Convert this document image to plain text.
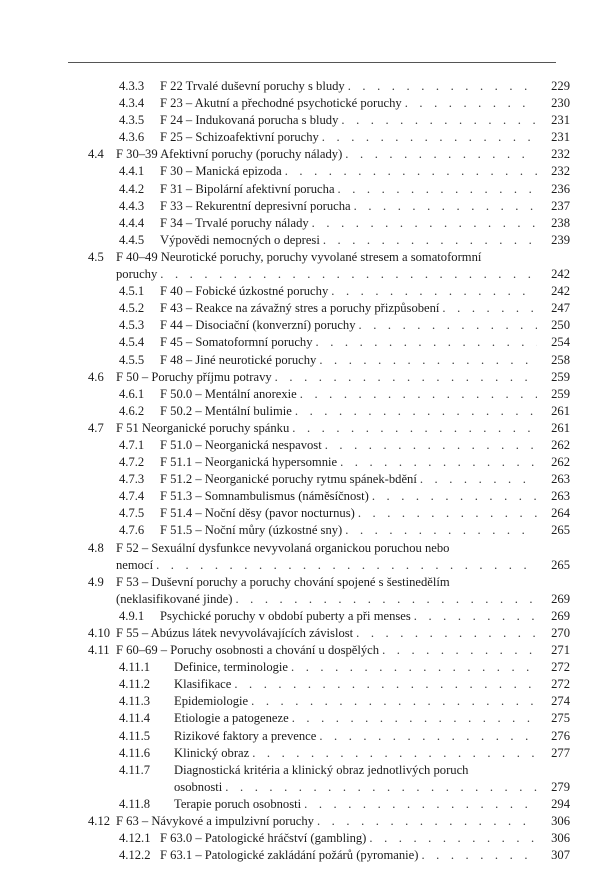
4.3.3 F 22 Trvalé duševní poruchy s bludy . . .	229
4.3.4 F 23 – Akutní a přechodné psychotické poruchy . . .	230
4.3.5 F 24 – Indukovaná porucha s bludy . . .	231
4.3.6 F 25 – Schizoafektivní poruchy . . .	231
4.4 F 30–39 Afektivní poruchy (poruchy nálady) . . .	232
4.4.1 F 30 – Manická epizoda . . .	232
4.4.2 F 31 – Bipolární afektivní porucha . . .	236
4.4.3 F 33 – Rekurentní depresivní porucha . . .	237
4.4.4 F 34 – Trvalé poruchy nálady . . .	238
4.4.5 Výpovědi nemocných o depresi . . .	239
4.5 F 40–49 Neurotické poruchy, poruchy vyvolané stresem a somatoformní
poruchy . . .	242
4.5.1 F 40 – Fobické úzkostné poruchy . . .	242
4.5.2 F 43 – Reakce na závažný stres a poruchy přizpůsobení . . .	247
4.5.3 F 44 – Disociační (konverzní) poruchy . . .	250
4.5.4 F 45 – Somatoformní poruchy . . .	254
4.5.5 F 48 – Jiné neurotické poruchy . . .	258
4.6 F 50 – Poruchy příjmu potravy . . .	259
4.6.1 F 50.0 – Mentální anorexie . . .	259
4.6.2 F 50.2 – Mentální bulimie . . .	261
4.7 F 51 Neorganické poruchy spánku . . .	261
4.7.1 F 51.0 – Neorganická nespavost . . .	262
4.7.2 F 51.1 – Neorganická hypersomnie . . .	262
4.7.3 F 51.2 – Neorganické poruchy rytmu spánek-bdění . . .	263
4.7.4 F 51.3 – Somnambulismus (náměsíčnost) . . .	263
4.7.5 F 51.4 – Noční děsy (pavor nocturnus) . . .	264
4.7.6 F 51.5 – Noční můry (úzkostné sny) . . .	265
4.8 F 52 – Sexuální dysfunkce nevyvolaná organickou poruchou nebo
nemocí . . .	265
4.9 F 53 – Duševní poruchy a poruchy chování spojené s šestinedělím
(neklasifikované jinde) . . .	269
4.9.1 Psychické poruchy v období puberty a při menses . . .	269
4.10 F 55 – Abúzus látek nevyvolávajících závislost . . .	270
4.11 F 60–69 – Poruchy osobnosti a chování u dospělých . . .	271
4.11.1 Definice, terminologie . . .	272
4.11.2 Klasifikace . . .	272
4.11.3 Epidemiologie . . .	274
4.11.4 Etiologie a patogeneze . . .	275
4.11.5 Rizikové faktory a prevence . . .	276
4.11.6 Klinický obraz . . .	277
4.11.7 Diagnostická kritéria a klinický obraz jednotlivých poruch
osobnosti . . .	279
4.11.8 Terapie poruch osobnosti . . .	294
4.12 F 63 – Návykové a impulzivní poruchy . . .	306
4.12.1 F 63.0 – Patologické hráčství (gambling) . . .	306
4.12.2 F 63.1 – Patologické zakládání požárů (pyromanie) . . .	307
